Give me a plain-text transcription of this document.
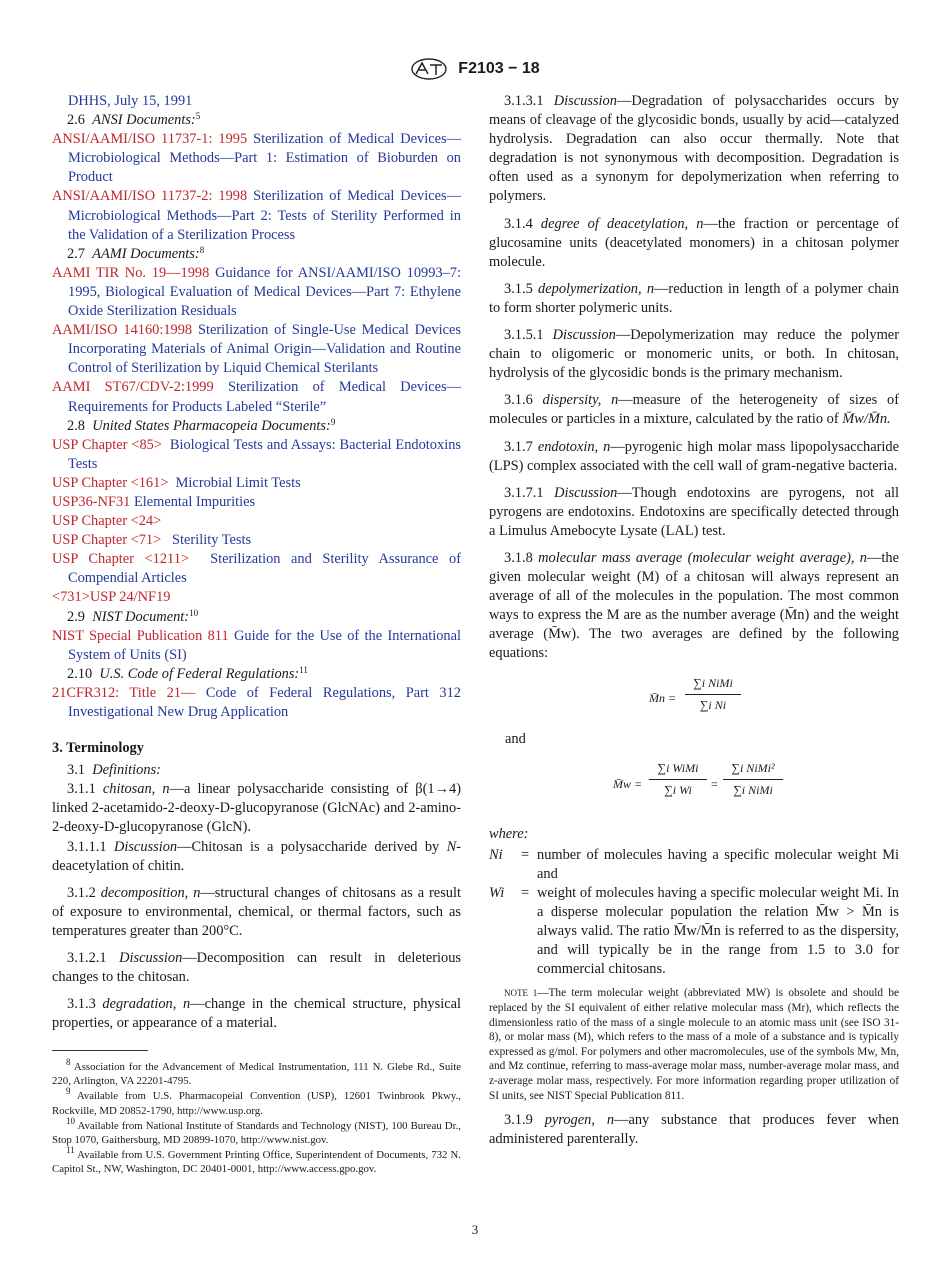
F2103 − 18

DHHS, July 15, 1991

2.6 ANSI Documents:$^5$

ANSI/AAMI/ISO 11737-1: 1995 Sterilization of Medical Devices—Microbiological Methods—Part 1: Estimation of Bioburden on Product

ANSI/AAMI/ISO 11737-2: 1998 Sterilization of Medical Devices—Microbiological Methods—Part 2: Tests of Sterility Performed in the Validation of a Sterilization Process

2.7 AAMI Documents:$^8$

AAMI TIR No. 19—1998 Guidance for ANSI/AAMI/ISO 10993–7: 1995, Biological Evaluation of Medical Devices—Part 7: Ethylene Oxide Sterilization Residuals

AAMI/ISO 14160:1998 Sterilization of Single-Use Medical Devices Incorporating Materials of Animal Origin—Validation and Routine Control of Sterilization by Liquid Chemical Sterilants

AAMI ST67/CDV-2:1999 Sterilization of Medical Devices—Requirements for Products Labeled “Sterile”

2.8 United States Pharmacopeia Documents:$^9$

USP Chapter <85> Biological Tests and Assays: Bacterial Endotoxins Tests

USP Chapter <161> Microbial Limit Tests

USP36-NF31 Elemental Impurities

USP Chapter <24>

USP Chapter <71> Sterility Tests

USP Chapter <1211> Sterilization and Sterility Assurance of Compendial Articles

<731>USP 24/NF19

2.9 NIST Document:$^{10}$

NIST Special Publication 811 Guide for the Use of the International System of Units (SI)

2.10 U.S. Code of Federal Regulations:$^{11}$

21CFR312: Title 21— Code of Federal Regulations, Part 312 Investigational New Drug Application

3. Terminology

3.1 Definitions:

3.1.1 chitosan, n—a linear polysaccharide consisting of β(1→4) linked 2-acetamido-2-deoxy-D-glucopyranose (GlcNAc) and 2-amino-2-deoxy-D-glucopyranose (GlcN).

3.1.1.1 Discussion—Chitosan is a polysaccharide derived by N-deacetylation of chitin.

3.1.2 decomposition, n—structural changes of chitosans as a result of exposure to environmental, chemical, or thermal factors, such as temperatures greater than 200°C.

3.1.2.1 Discussion—Decomposition can result in deleterious changes to the chitosan.

3.1.3 degradation, n—change in the chemical structure, physical properties, or appearance of a material.

$^8$ Association for the Advancement of Medical Instrumentation, 111 N. Glebe Rd., Suite 220, Arlington, VA 22201-4795.

$^9$ Available from U.S. Pharmacopeial Convention (USP), 12601 Twinbrook Pkwy., Rockville, MD 20852-1790, http://www.usp.org.

$^{10}$ Available from National Institute of Standards and Technology (NIST), 100 Bureau Dr., Stop 1070, Gaithersburg, MD 20899-1070, http://www.nist.gov.

$^{11}$ Available from U.S. Government Printing Office, Superintendent of Documents, 732 N. Capitol St., NW, Washington, DC 20401-0001, http://www.access.gpo.gov.

3.1.3.1 Discussion—Degradation of polysaccharides occurs by means of cleavage of the glycosidic bonds, usually by acid—catalyzed hydrolysis. Degradation can also occur thermally. Note that degradation is not synonymous with decomposition. Degradation is often used as a synonym for depolymerization when referring to polymers.

3.1.4 degree of deacetylation, n—the fraction or percentage of glucosamine units (deacetylated monomers) in a chitosan polymer molecule.

3.1.5 depolymerization, n—reduction in length of a polymer chain to form shorter polymeric units.

3.1.5.1 Discussion—Depolymerization may reduce the polymer chain to oligomeric or monomeric units, or both. In chitosan, hydrolysis of the glycosidic bonds is the primary mechanism.

3.1.6 dispersity, n—measure of the heterogeneity of sizes of molecules or particles in a mixture, calculated by the ratio of M̄w/M̄n.

3.1.7 endotoxin, n—pyrogenic high molar mass lipopolysaccharide (LPS) complex associated with the cell wall of gram-negative bacteria.

3.1.7.1 Discussion—Though endotoxins are pyrogens, not all pyrogens are endotoxins. Endotoxins are specifically detected through a Limulus Amebocyte Lysate (LAL) test.

3.1.8 molecular mass average (molecular weight average), n—the given molecular weight (M) of a chitosan will always represent an average of all of the molecules in the population. The most common ways to express the M are as the number average (M̄n) and the weight average (M̄w). The two averages are defined by the following equations:

M̄n =
∑i NiMi
∑i Ni

and

M̄w =
∑i WiMi
∑i Wi	=
∑i NiMi²
∑i NiMi

where:

Ni = number of molecules having a specific molecular weight Mi and
Wi = weight of molecules having a specific molecular weight Mi. In a disperse molecular population the relation M̄w > M̄n is always valid. The ratio M̄w/M̄n is referred to as the dispersity, and will typically be in the range from 1.5 to 3.0 for commercial chitosans.

NOTE 1—The term molecular weight (abbreviated MW) is obsolete and should be replaced by the SI equivalent of either relative molecular mass (Mr), which reflects the dimensionless ratio of the mass of a single molecule to an atomic mass unit (see ISO 31-8), or molar mass (M), which refers to the mass of a mole of a substance and is typically expressed as g/mol. For polymers and other macromolecules, use of the symbols Mw, Mn, and Mz continue, referring to mass-average molar mass, number-average molar mass, and z-average molar mass, respectively. For more information regarding proper utilization of SI units, see NIST Special Publication 811.

3.1.9 pyrogen, n—any substance that produces fever when administered parenterally.

3
